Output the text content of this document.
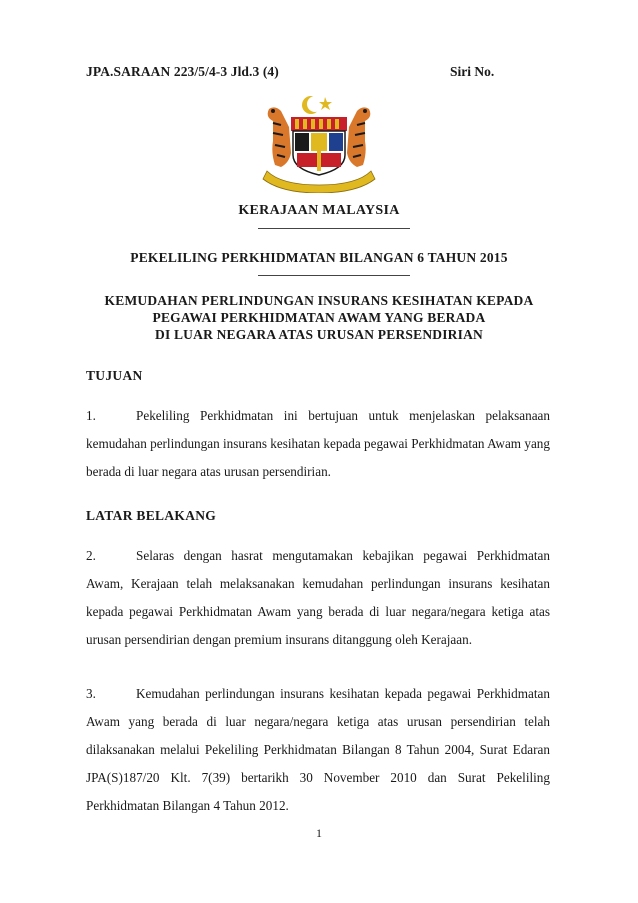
JPA.SARAAN 223/5/4-3 Jld.3 (4)	Siri No.
KERAJAAN MALAYSIA
PEKELILING PERKHIDMATAN BILANGAN 6 TAHUN 2015
KEMUDAHAN PERLINDUNGAN INSURANS KESIHATAN KEPADA
PEGAWAI PERKHIDMATAN AWAM YANG BERADA
DI LUAR NEGARA ATAS URUSAN PERSENDIRIAN
TUJUAN
1.	Pekeliling Perkhidmatan ini bertujuan untuk menjelaskan pelaksanaan kemudahan perlindungan insurans kesihatan kepada pegawai Perkhidmatan Awam yang berada di luar negara atas urusan persendirian.
LATAR BELAKANG
2.	Selaras dengan hasrat mengutamakan kebajikan pegawai Perkhidmatan Awam, Kerajaan telah melaksanakan kemudahan perlindungan insurans kesihatan kepada pegawai Perkhidmatan Awam yang berada di luar negara/negara ketiga atas urusan persendirian dengan premium insurans ditanggung oleh Kerajaan.
3.	Kemudahan perlindungan insurans kesihatan kepada pegawai Perkhidmatan Awam yang berada di luar negara/negara ketiga atas urusan persendirian telah dilaksanakan melalui Pekeliling Perkhidmatan Bilangan 8 Tahun 2004, Surat Edaran JPA(S)187/20 Klt. 7(39) bertarikh 30 November 2010 dan Surat Pekeliling Perkhidmatan Bilangan 4 Tahun 2012.
1
